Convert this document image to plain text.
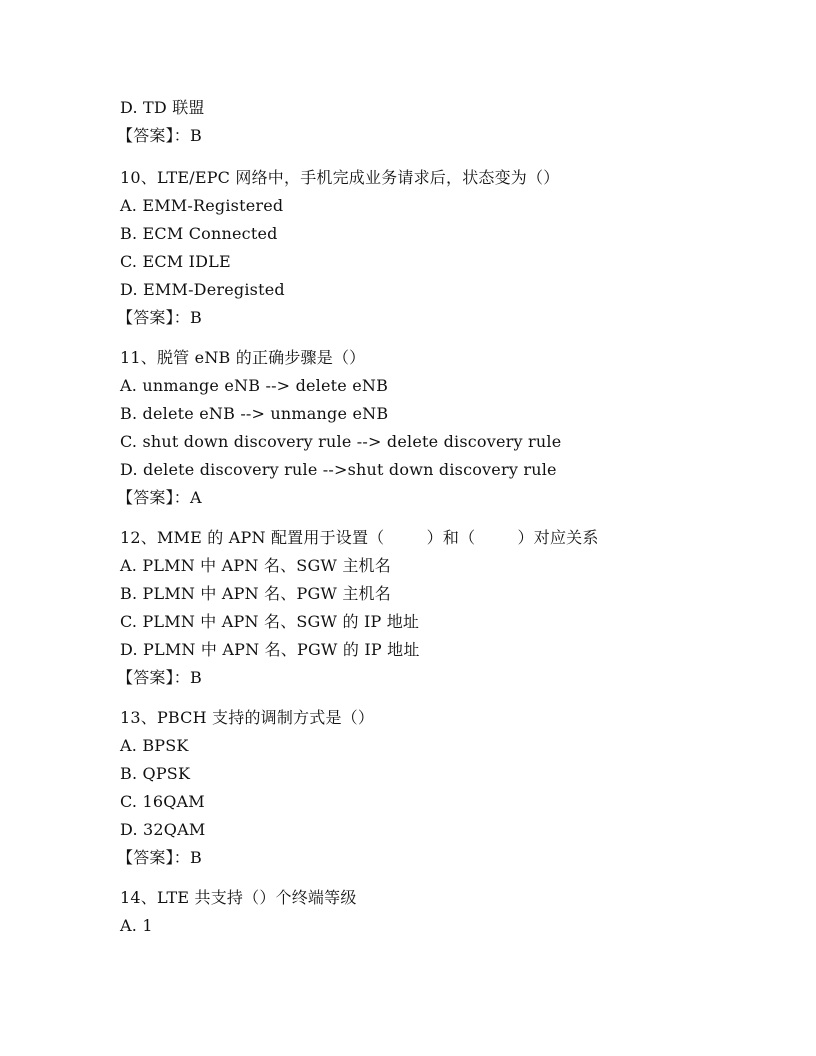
D. TD 联盟
【答案】：B
10、LTE/EPC 网络中，手机完成业务请求后，状态变为（）
A. EMM-Registered
B. ECM Connected
C. ECM IDLE
D. EMM-Deregisted
【答案】：B
11、脱管 eNB 的正确步骤是（）
A. unmange eNB --> delete eNB
B. delete eNB --> unmange eNB
C. shut down discovery rule --> delete discovery rule
D. delete discovery rule -->shut down discovery rule
【答案】：A
12、MME 的 APN 配置用于设置（        ）和（        ）对应关系
A. PLMN 中 APN 名、SGW 主机名
B. PLMN 中 APN 名、PGW 主机名
C. PLMN 中 APN 名、SGW 的 IP 地址
D. PLMN 中 APN 名、PGW 的 IP 地址
【答案】：B
13、PBCH 支持的调制方式是（）
A. BPSK
B. QPSK
C. 16QAM
D. 32QAM
【答案】：B
14、LTE 共支持（）个终端等级
A. 1
